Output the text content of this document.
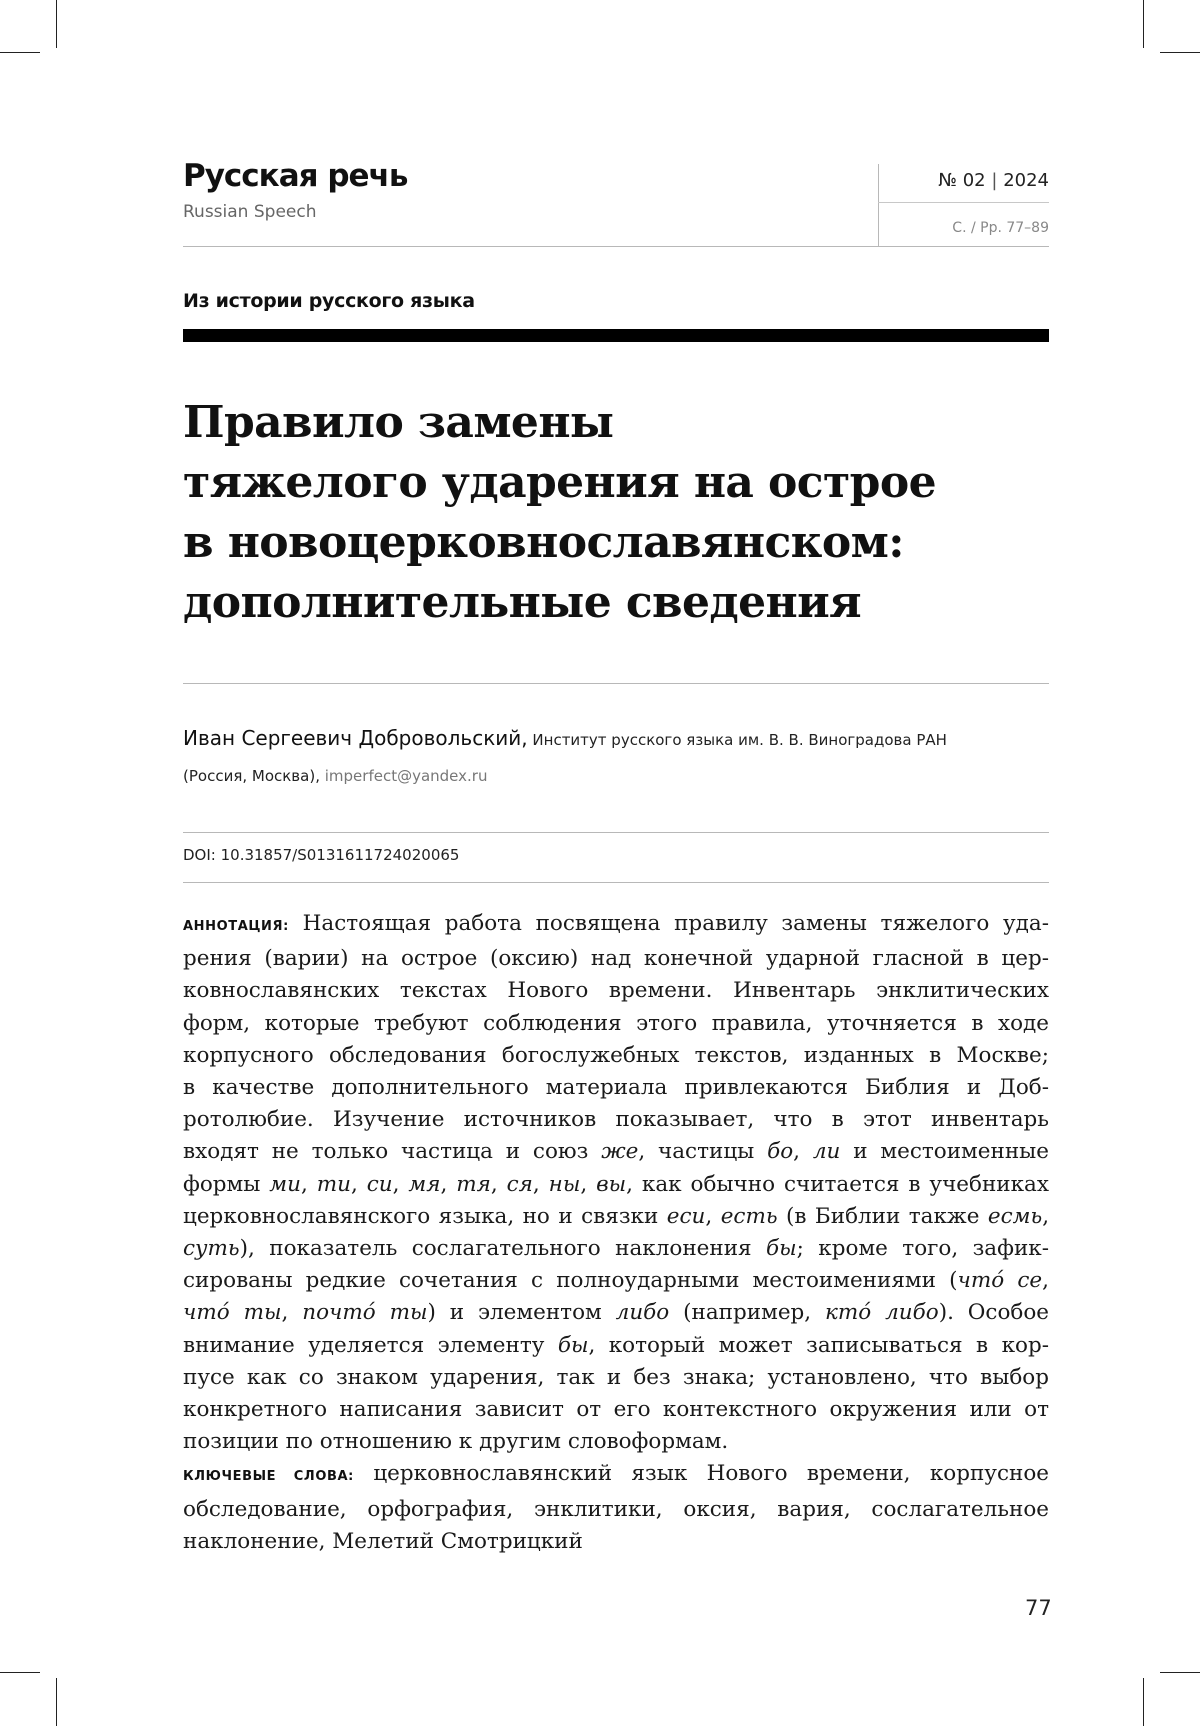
Русская речь
Russian Speech
№ 02 | 2024
С. / Pp. 77–89
Из истории русского языка
Правило замены
тяжелого ударения на острое
в новоцерковнославянском:
дополнительные сведения
Иван Сергеевич Добровольский, Институт русского языка им. В. В. Виноградова РАН
(Россия, Москва), imperfect@yandex.ru
DOI: 10.31857/S0131611724020065
АННОТАЦИЯ: Настоящая работа посвящена правилу замены тяжелого уда-
рения (варии) на острое (оксию) над конечной ударной гласной в цер-
ковнославянских текстах Нового времени. Инвентарь энклитических
форм, которые требуют соблюдения этого правила, уточняется в ходе
корпусного обследования богослужебных текстов, изданных в Москве;
в качестве дополнительного материала привлекаются Библия и Доб-
ротолюбие. Изучение источников показывает, что в этот инвентарь
входят не только частица и союз же, частицы бо, ли и местоименные
формы ми, ти, си, мя, тя, ся, ны, вы, как обычно считается в учебниках
церковнославянского языка, но и связки еси, есть (в Библии также есмь,
суть), показатель сослагательного наклонения бы; кроме того, зафик-
сированы редкие сочетания с полноударными местоимениями (чтó се,
чтó ты, почтó ты) и элементом либо (например, ктó либо). Особое
внимание уделяется элементу бы, который может записываться в кор-
пусе как со знаком ударения, так и без знака; установлено, что выбор
конкретного написания зависит от его контекстного окружения или от
позиции по отношению к другим словоформам.
КЛЮЧЕВЫЕ СЛОВА: церковнославянский язык Нового времени, корпусное
обследование, орфография, энклитики, оксия, вария, сослагательное
наклонение, Мелетий Смотрицкий
77
